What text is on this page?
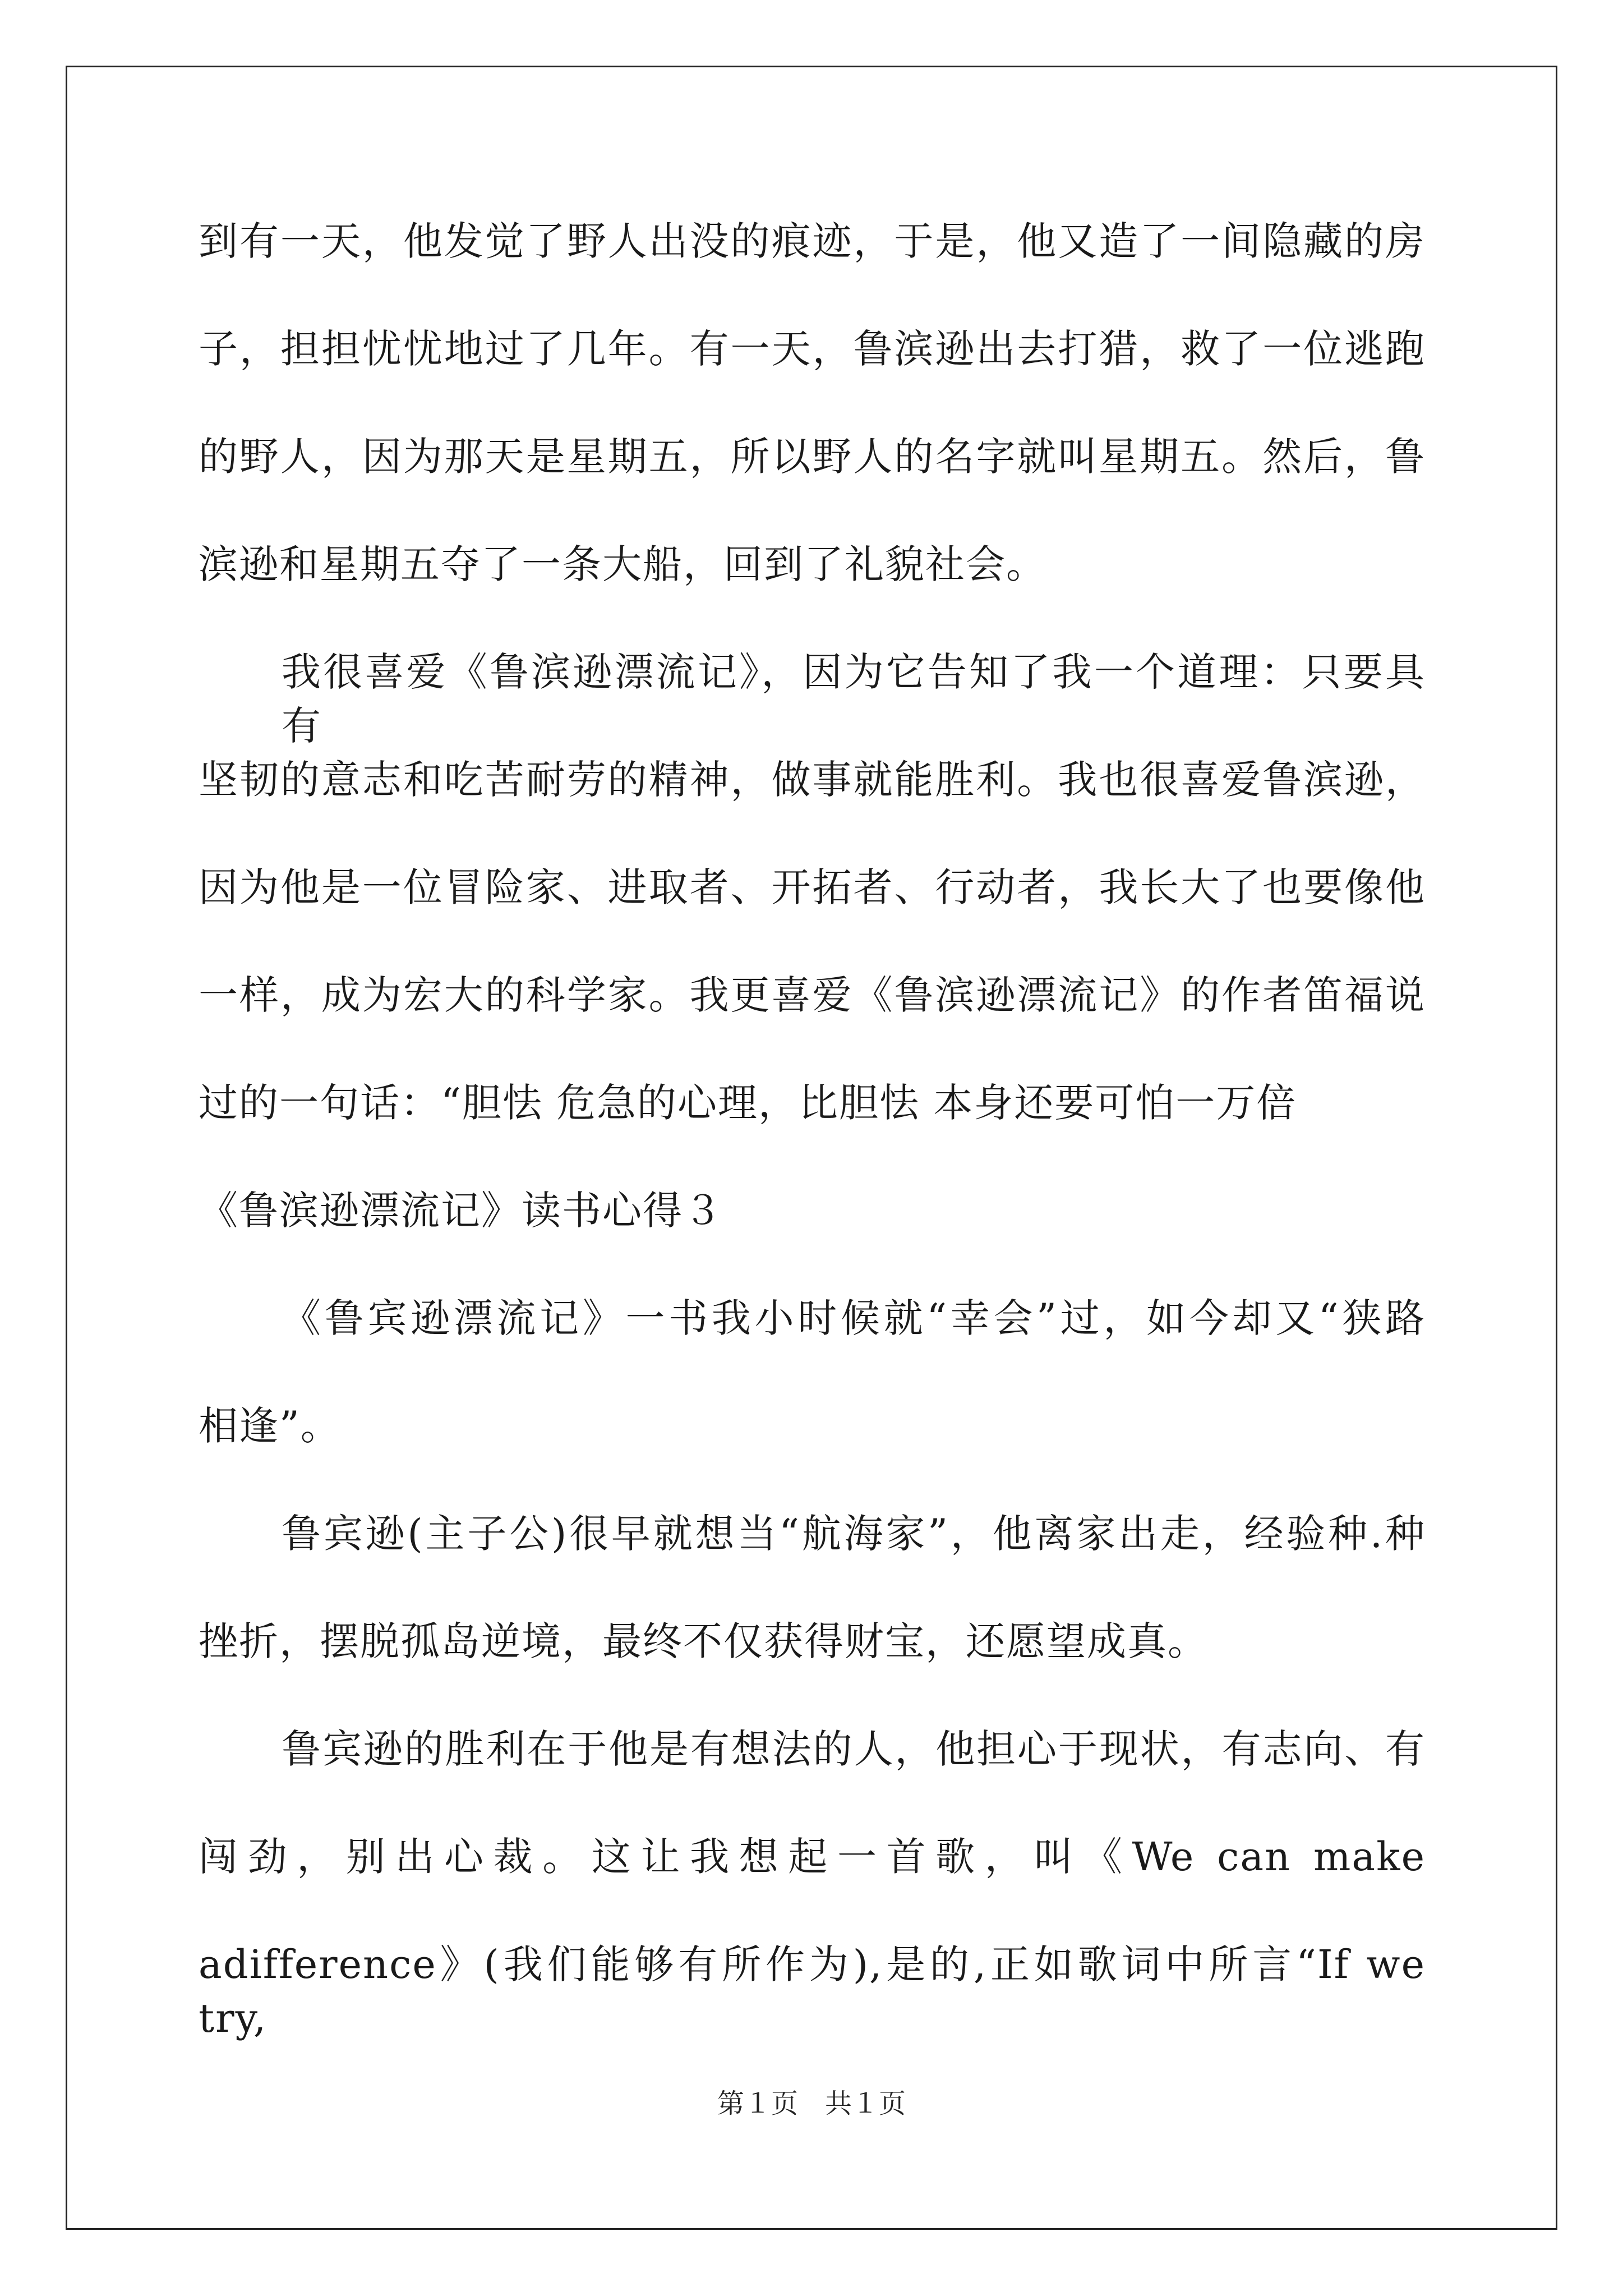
到有一天，他发觉了野人出没的痕迹，于是，他又造了一间隐藏的房
子，担担忧忧地过了几年。有一天，鲁滨逊出去打猎，救了一位逃跑
的野人，因为那天是星期五，所以野人的名字就叫星期五。然后，鲁
滨逊和星期五夺了一条大船，回到了礼貌社会。
我很喜爱《鲁滨逊漂流记》，因为它告知了我一个道理：只要具有
坚韧的意志和吃苦耐劳的精神，做事就能胜利。我也很喜爱鲁滨逊，
因为他是一位冒险家、进取者、开拓者、行动者，我长大了也要像他
一样，成为宏大的科学家。我更喜爱《鲁滨逊漂流记》的作者笛福说
过的一句话：“胆怯 危急的心理，比胆怯 本身还要可怕一万倍
《鲁滨逊漂流记》读书心得３
《鲁宾逊漂流记》一书我小时候就“幸会”过，如今却又“狭路
相逢”。
鲁宾逊(主子公)很早就想当“航海家”，他离家出走，经验种.种
挫折，摆脱孤岛逆境，最终不仅获得财宝，还愿望成真。
鲁宾逊的胜利在于他是有想法的人，他担心于现状，有志向、有
闯劲，别出心裁。这让我想起一首歌，叫《We can make
adifference》(我们能够有所作为),是的,正如歌词中所言“If we try,
第１页　共１页
